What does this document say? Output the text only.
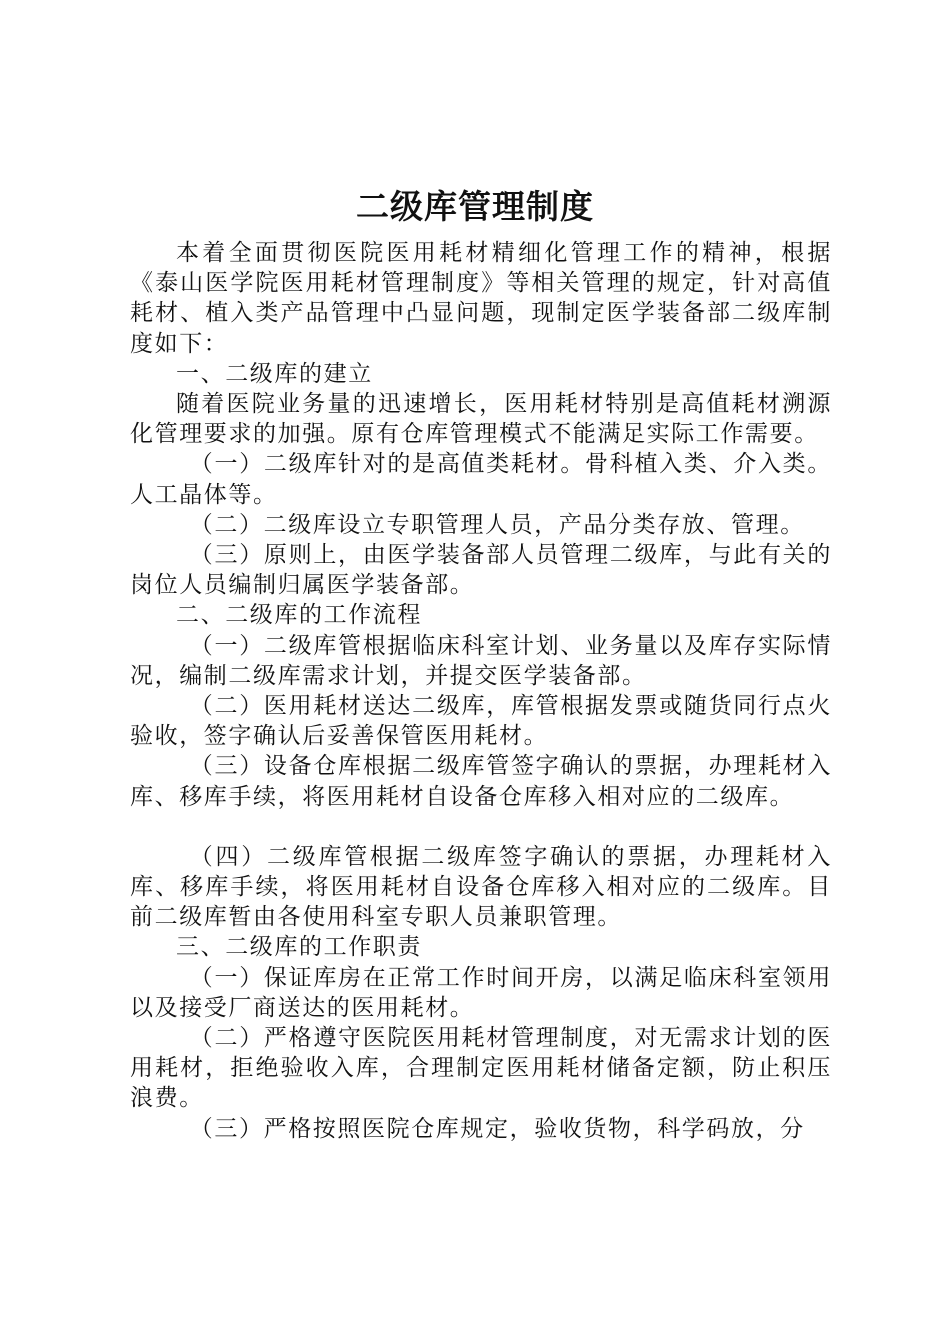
二级库管理制度

本着全面贯彻医院医用耗材精细化管理工作的精神，根据《泰山医学院医用耗材管理制度》等相关管理的规定，针对高值耗材、植入类产品管理中凸显问题，现制定医学装备部二级库制度如下：

一、二级库的建立

随着医院业务量的迅速增长，医用耗材特别是高值耗材溯源化管理要求的加强。原有仓库管理模式不能满足实际工作需要。

（一）二级库针对的是高值类耗材。骨科植入类、介入类。人工晶体等。

（二）二级库设立专职管理人员，产品分类存放、管理。

（三）原则上，由医学装备部人员管理二级库，与此有关的岗位人员编制归属医学装备部。

二、二级库的工作流程

（一）二级库管根据临床科室计划、业务量以及库存实际情况，编制二级库需求计划，并提交医学装备部。

（二）医用耗材送达二级库，库管根据发票或随货同行点火验收，签字确认后妥善保管医用耗材。

（三）设备仓库根据二级库管签字确认的票据，办理耗材入库、移库手续，将医用耗材自设备仓库移入相对应的二级库。

（四）二级库管根据二级库签字确认的票据，办理耗材入库、移库手续，将医用耗材自设备仓库移入相对应的二级库。目前二级库暂由各使用科室专职人员兼职管理。

三、二级库的工作职责

（一）保证库房在正常工作时间开房，以满足临床科室领用以及接受厂商送达的医用耗材。

（二）严格遵守医院医用耗材管理制度，对无需求计划的医用耗材，拒绝验收入库，合理制定医用耗材储备定额，防止积压浪费。

（三）严格按照医院仓库规定，验收货物，科学码放，分
